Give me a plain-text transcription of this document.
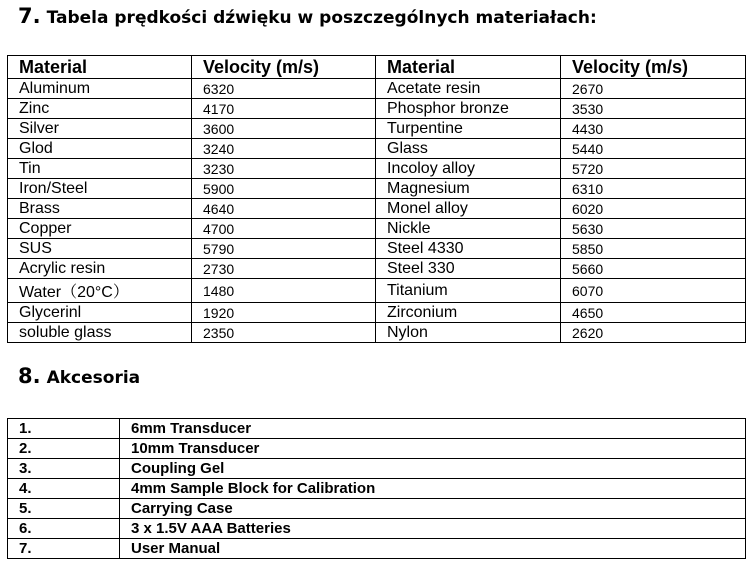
7. Tabela prędkości dźwięku w poszczególnych materiałach:
Material	Velocity (m/s)	Material	Velocity (m/s)
Aluminum	6320	Acetate resin	2670
Zinc	4170	Phosphor bronze	3530
Silver	3600	Turpentine	4430
Glod	3240	Glass	5440
Tin	3230	Incoloy alloy	5720
Iron/Steel	5900	Magnesium	6310
Brass	4640	Monel alloy	6020
Copper	4700	Nickle	5630
SUS	5790	Steel 4330	5850
Acrylic resin	2730	Steel 330	5660
Water（20°C）	1480	Titanium	6070
Glycerinl	1920	Zirconium	4650
soluble glass	2350	Nylon	2620
8. Akcesoria
1.	6mm Transducer
2.	10mm Transducer
3.	Coupling Gel
4.	4mm Sample Block for Calibration
5.	Carrying Case
6.	3 x 1.5V AAA Batteries
7.	User Manual
